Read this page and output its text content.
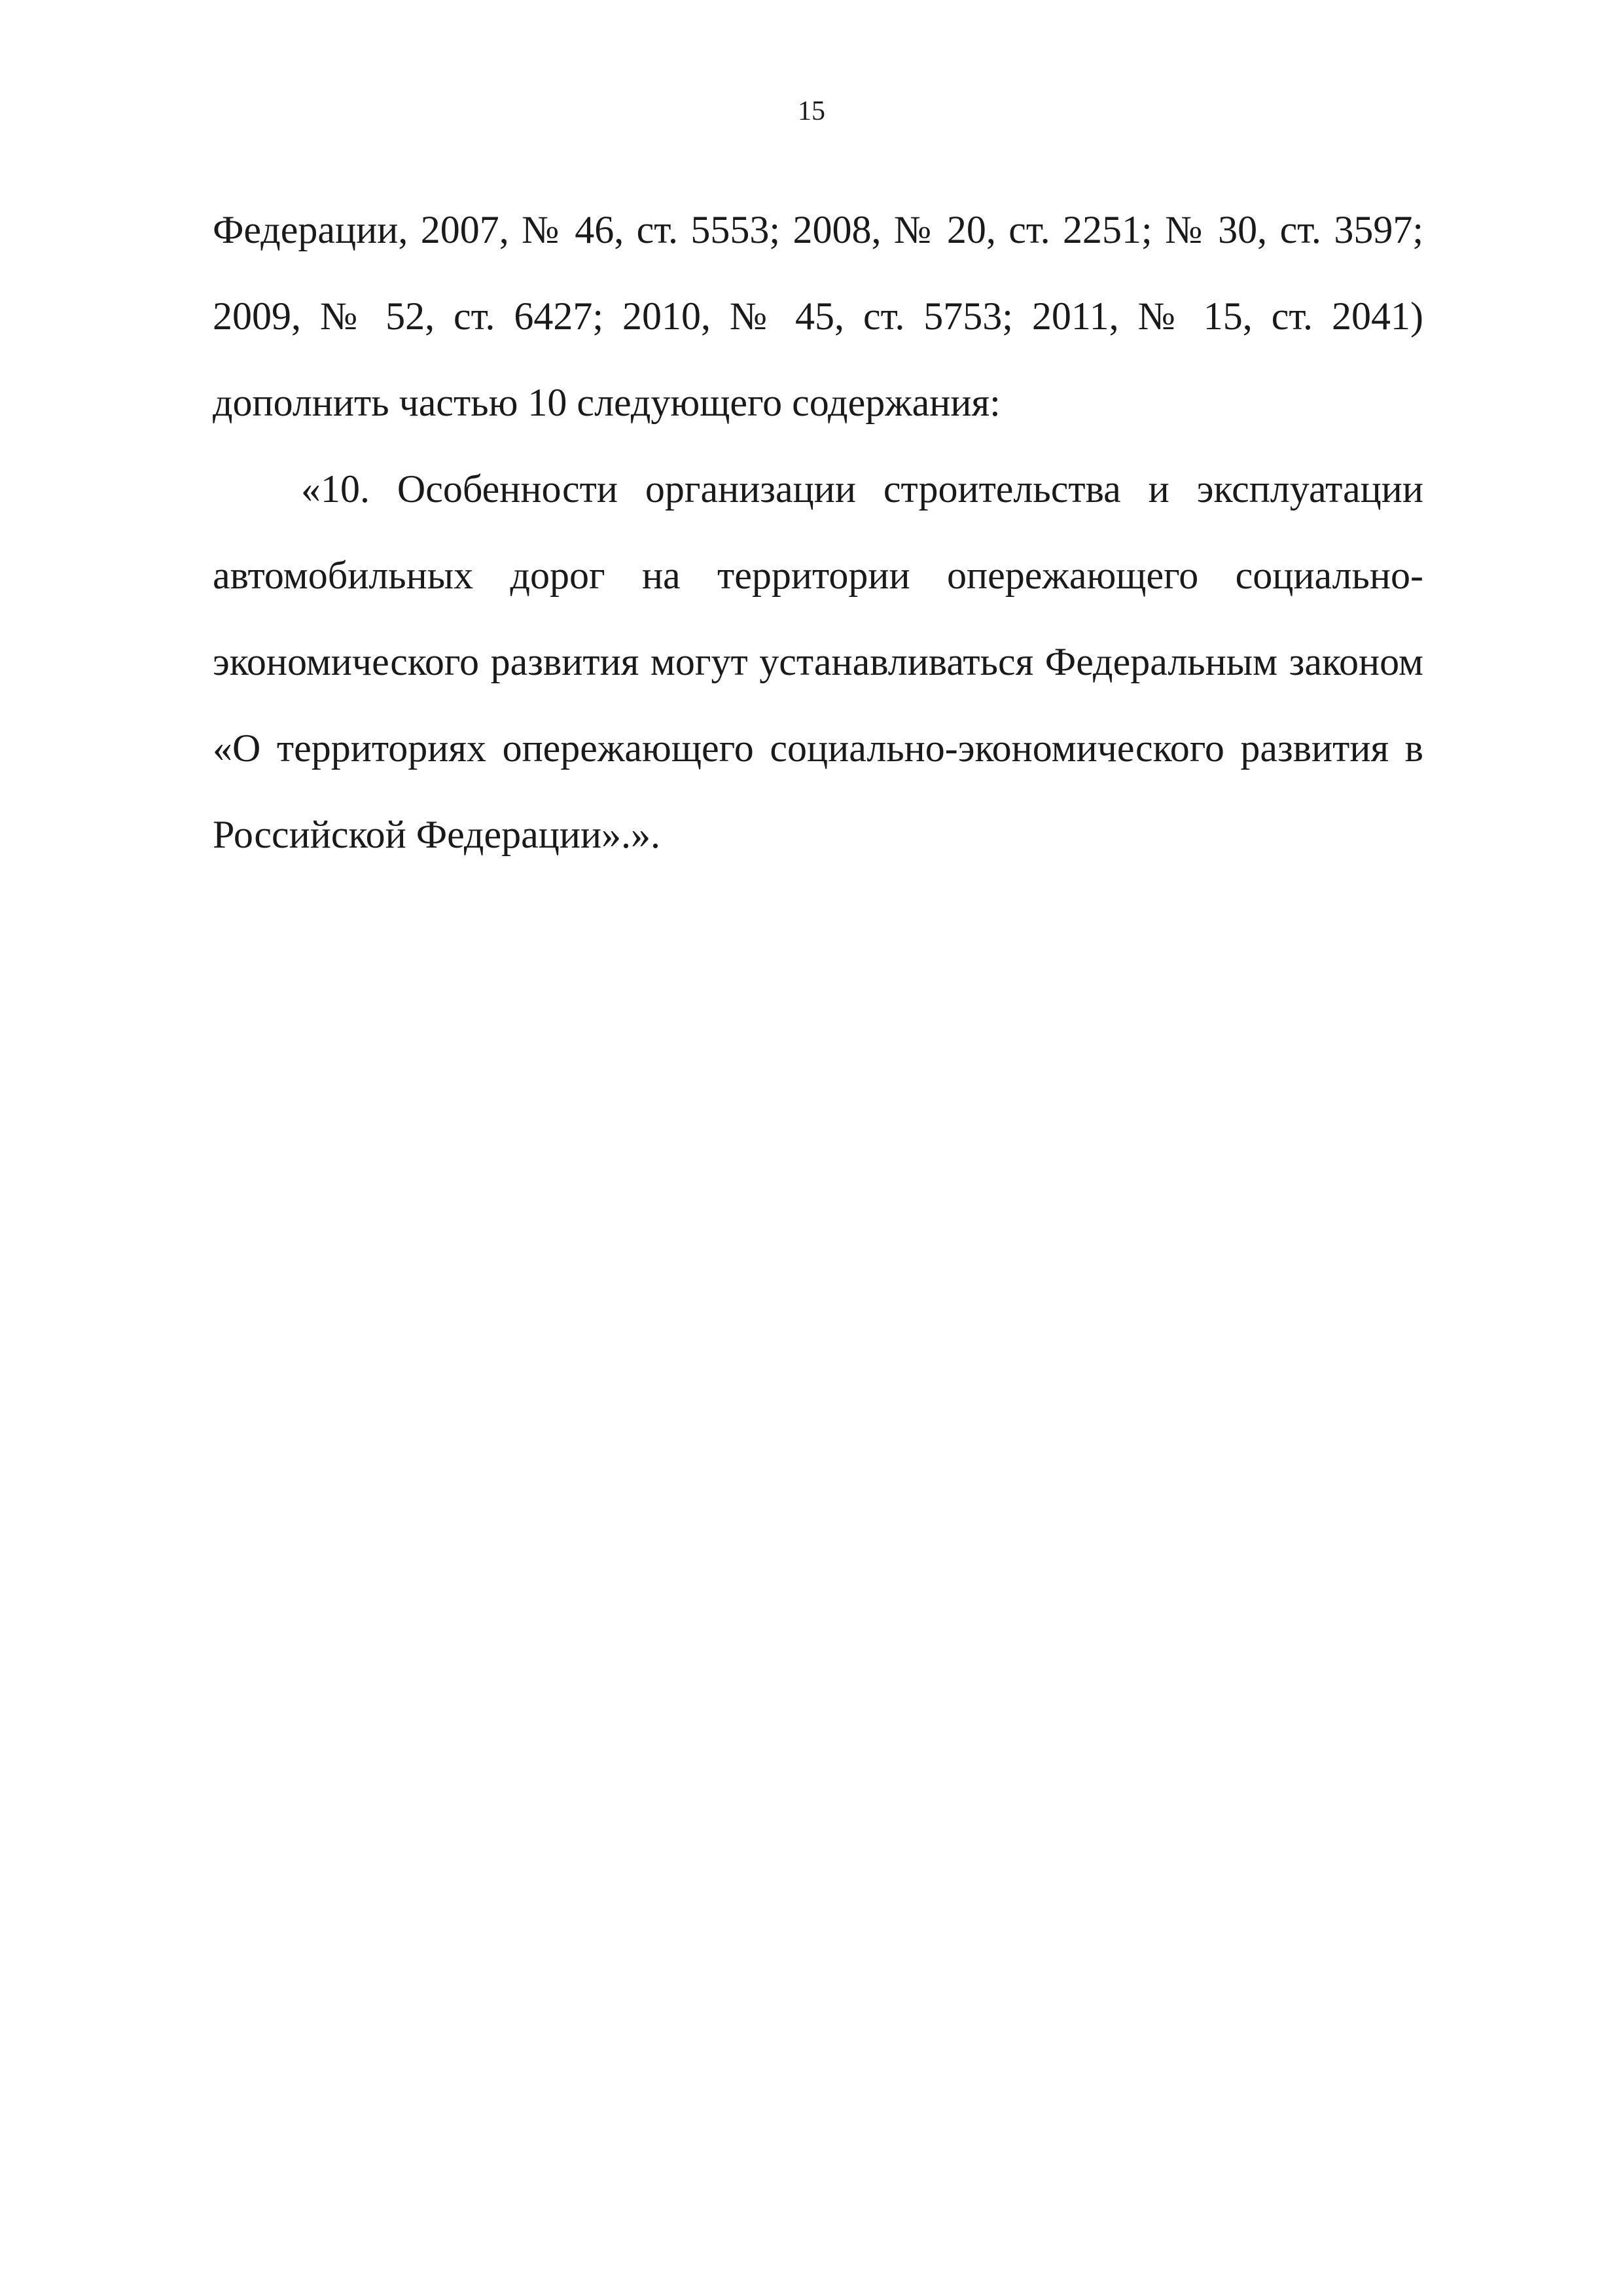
15

Федерации, 2007, № 46, ст. 5553; 2008, № 20, ст. 2251; № 30, ст. 3597; 2009, № 52, ст. 6427; 2010, № 45, ст. 5753; 2011, № 15, ст. 2041) дополнить частью 10 следующего содержания:

«10. Особенности организации строительства и эксплуатации автомобильных дорог на территории опережающего социально-экономического развития могут устанавливаться Федеральным законом «О территориях опережающего социально-экономического развития в Российской Федерации».».
